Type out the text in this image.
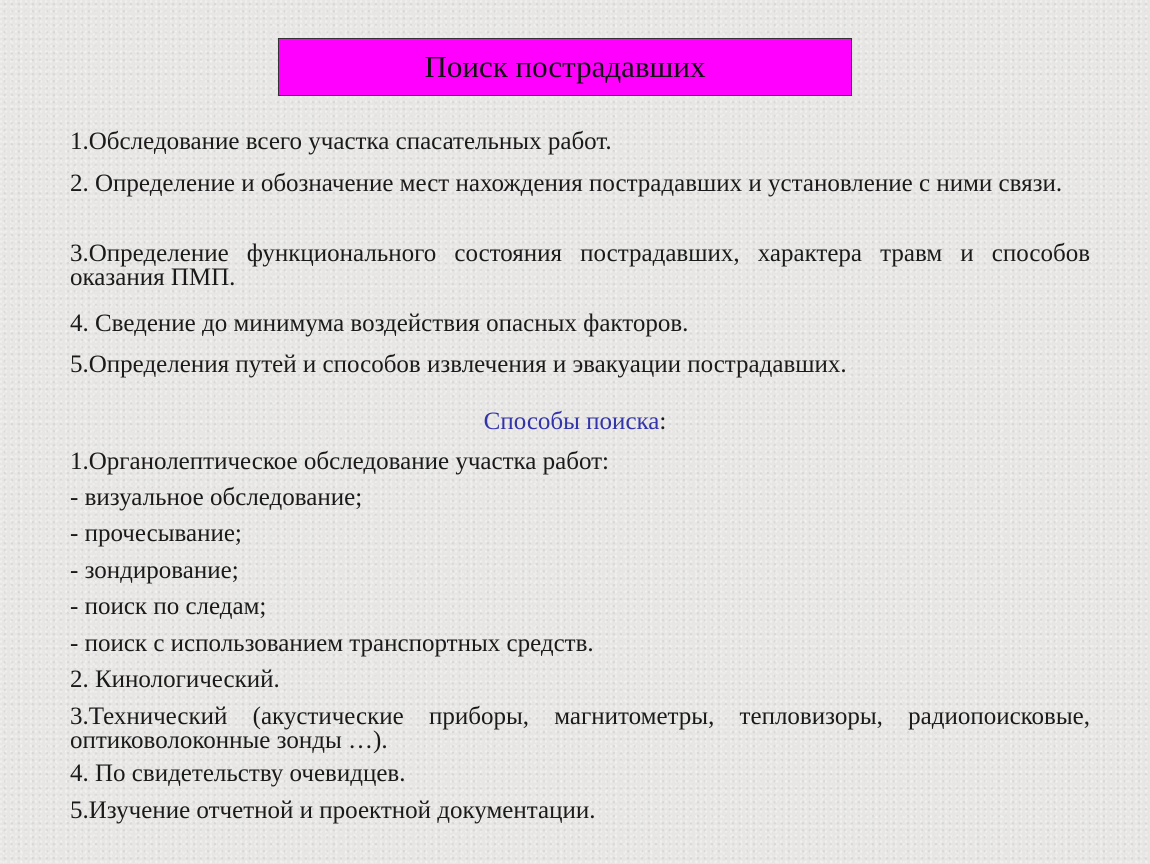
Поиск пострадавших
1.Обследование всего участка спасательных работ.
2. Определение и обозначение мест нахождения пострадавших и установление с ними связи.
3.Определение функционального состояния пострадавших, характера травм и способов оказания ПМП.
4. Сведение до минимума воздействия опасных факторов.
5.Определения путей и способов извлечения и эвакуации пострадавших.
Способы поиска:
1.Органолептическое обследование участка работ:
- визуальное обследование;
- прочесывание;
- зондирование;
- поиск по следам;
- поиск с использованием транспортных средств.
2. Кинологический.
3.Технический (акустические приборы, магнитометры, тепловизоры, радиопоисковые, оптиковолоконные зонды …).
4. По свидетельству очевидцев.
5.Изучение отчетной и проектной документации.
